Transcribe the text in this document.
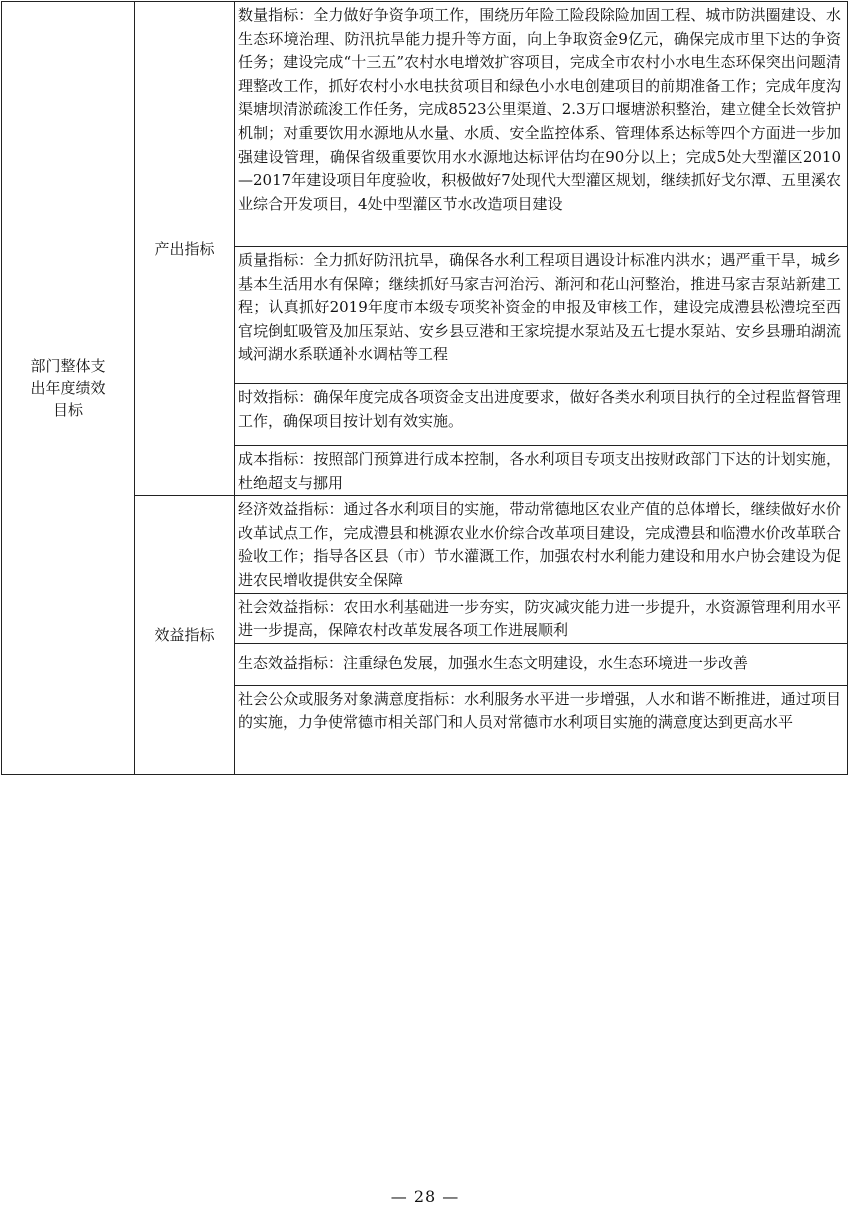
部门整体支出年度绩效目标	产出指标	数量指标：全力做好争资争项工作，围绕历年险工险段除险加固工程、城市防洪圈建设、水生态环境治理、防汛抗旱能力提升等方面，向上争取资金9亿元，确保完成市里下达的争资任务；建设完成“十三五”农村水电增效扩容项目，完成全市农村小水电生态环保突出问题清理整改工作，抓好农村小水电扶贫项目和绿色小水电创建项目的前期准备工作；完成年度沟渠塘坝清淤疏浚工作任务，完成8523公里渠道、2.3万口堰塘淤积整治，建立健全长效管护机制；对重要饮用水源地从水量、水质、安全监控体系、管理体系达标等四个方面进一步加强建设管理，确保省级重要饮用水水源地达标评估均在90分以上；完成5处大型灌区2010—2017年建设项目年度验收，积极做好7处现代大型灌区规划，继续抓好戈尔潭、五里溪农业综合开发项目，4处中型灌区节水改造项目建设

		质量指标：全力抓好防汛抗旱，确保各水利工程项目遇设计标准内洪水；遇严重干旱，城乡基本生活用水有保障；继续抓好马家吉河治污、渐河和花山河整治，推进马家吉泵站新建工程；认真抓好2019年度市本级专项奖补资金的申报及审核工作，建设完成澧县松澧垸至西官垸倒虹吸管及加压泵站、安乡县豆港和王家垸提水泵站及五七提水泵站、安乡县珊珀湖流域河湖水系联通补水调枯等工程

		时效指标：确保年度完成各项资金支出进度要求，做好各类水利项目执行的全过程监督管理工作，确保项目按计划有效实施。

		成本指标：按照部门预算进行成本控制，各水利项目专项支出按财政部门下达的计划实施，杜绝超支与挪用

	效益指标	经济效益指标：通过各水利项目的实施，带动常德地区农业产值的总体增长，继续做好水价改革试点工作，完成澧县和桃源农业水价综合改革项目建设，完成澧县和临澧水价改革联合验收工作；指导各区县（市）节水灌溉工作，加强农村水利能力建设和用水户协会建设为促进农民增收提供安全保障

		社会效益指标：农田水利基础进一步夯实，防灾减灾能力进一步提升，水资源管理利用水平进一步提高，保障农村改革发展各项工作进展顺利

		生态效益指标：注重绿色发展，加强水生态文明建设，水生态环境进一步改善

		社会公众或服务对象满意度指标：水利服务水平进一步增强，人水和谐不断推进，通过项目的实施，力争使常德市相关部门和人员对常德市水利项目实施的满意度达到更高水平
— 28 —
